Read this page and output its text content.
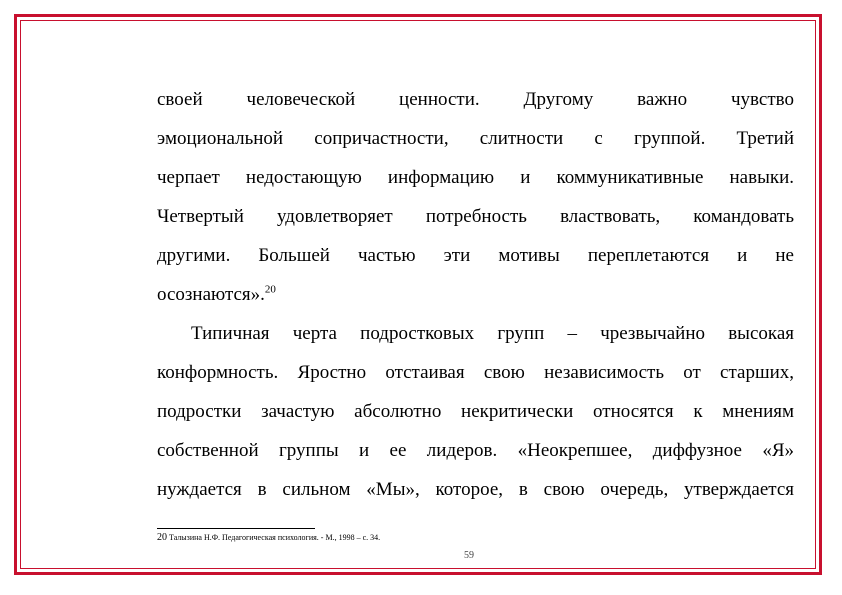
своей человеческой ценности. Другому важно чувство
эмоциональной сопричастности, слитности с группой. Третий
черпает недостающую информацию и коммуникативные навыки.
Четвертый удовлетворяет потребность властвовать, командовать
другими. Большей частью эти мотивы переплетаются и не
осознаются».$^{20}$
Типичная черта подростковых групп – чрезвычайно высокая
конформность. Яростно отстаивая свою независимость от старших,
подростки зачастую абсолютно некритически относятся к мнениям
собственной группы и ее лидеров. «Неокрепшее, диффузное «Я»
нуждается в сильном «Мы», которое, в свою очередь, утверждается
20 Талызина Н.Ф. Педагогическая психология. - М., 1998 – с. 34.
59
